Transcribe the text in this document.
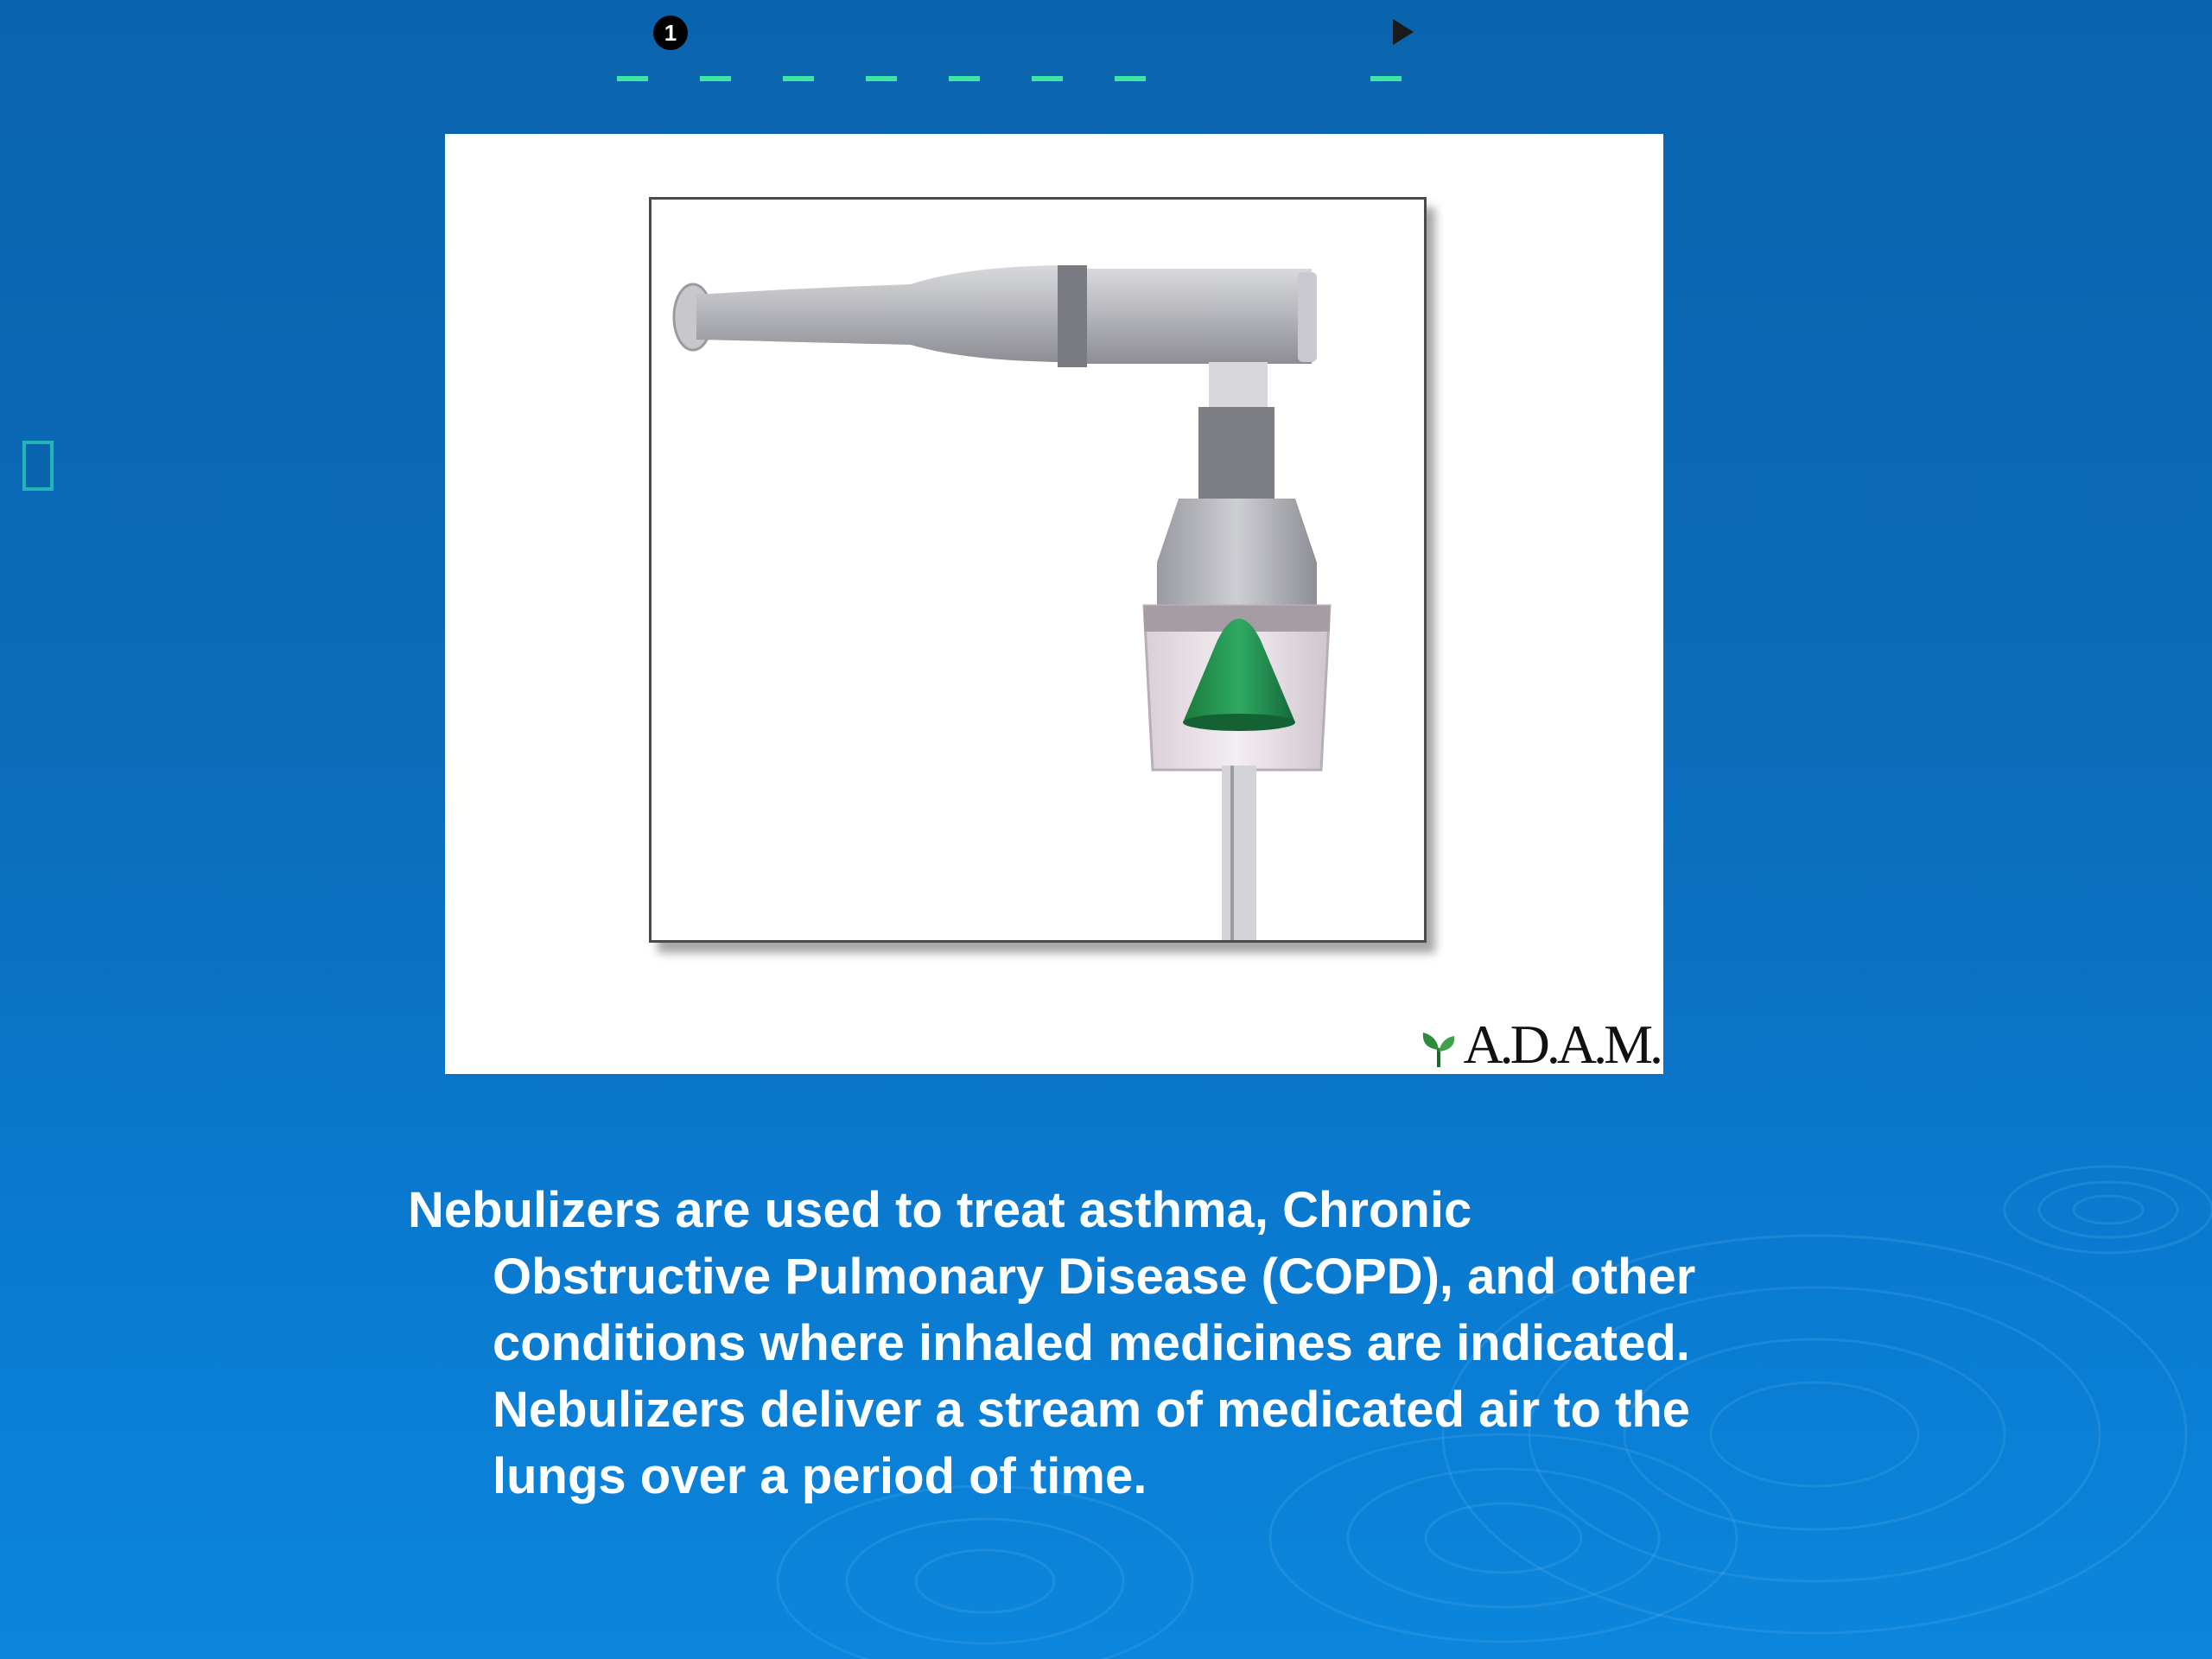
1
A.D.A.M.
Nebulizers are used to treat asthma, Chronic
Obstructive Pulmonary Disease (COPD), and other
conditions where inhaled medicines are indicated.
Nebulizers deliver a stream of medicated air to the
lungs over a period of time.
